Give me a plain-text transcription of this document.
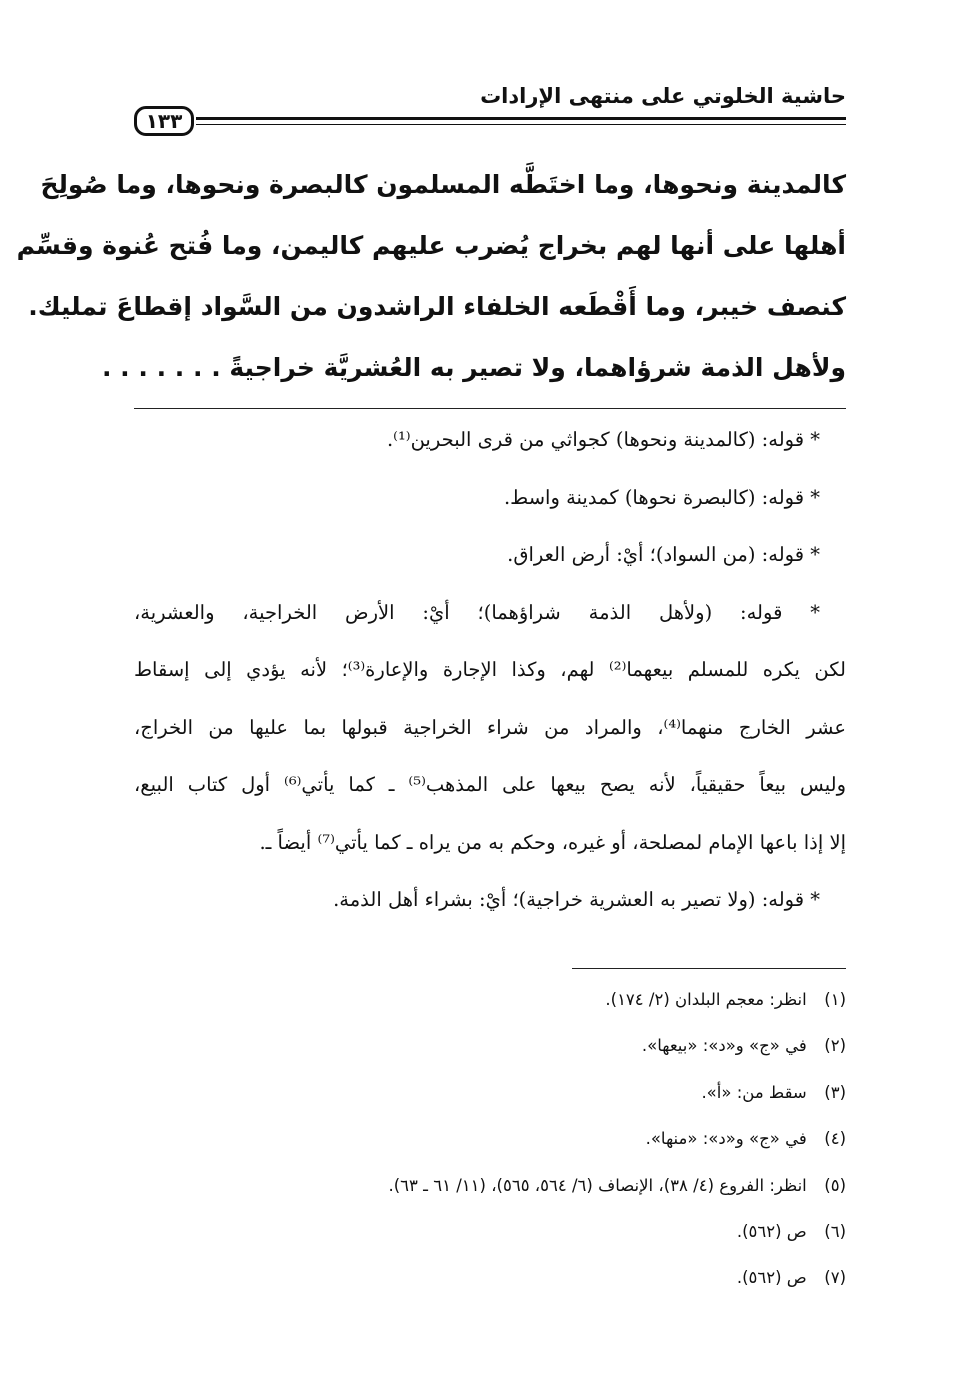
حاشية الخلوتي على منتهى الإرادات
١٣٣
كالمدينة ونحوها، وما اختَطَّه المسلمون كالبصرة ونحوها، وما صُولِحَ
أهلها على أنها لهم بخراج يُضرب عليهم كاليمن، وما فُتح عُنوة وقسِّم
كنصف خيبر، وما أَقْطَعه الخلفاء الراشدون من السَّواد إقطاعَ تمليك.
ولأهل الذمة شرؤاهما، ولا تصير به العُشريَّة خراجيةً . . . . . . .
* قوله: (كالمدينة ونحوها) كجواثي من قرى البحرين⁽¹⁾.
* قوله: (كالبصرة نحوها) كمدينة واسط.
* قوله: (من السواد)؛ أيْ: أرض العراق.
* قوله: (ولأهل الذمة شراؤهما)؛ أيْ: الأرض الخراجية، والعشرية،
لكن يكره للمسلم بيعهما⁽²⁾ لهم، وكذا الإجارة والإعارة⁽³⁾؛ لأنه يؤدي إلى إسقاط
عشر الخارج منهما⁽⁴⁾، والمراد من شراء الخراجية قبولها بما عليها من الخراج،
وليس بيعاً حقيقياً، لأنه يصح بيعها على المذهب⁽⁵⁾ ـ كما يأتي⁽⁶⁾ أول كتاب البيع،
إلا إذا باعها الإمام لمصلحة، أو غيره، وحكم به من يراه ـ كما يأتي⁽⁷⁾ أيضاً ـ.
* قوله: (ولا تصير به العشرية خراجية)؛ أيْ: بشراء أهل الذمة.
(١) انظر: معجم البلدان (٢/ ١٧٤).
(٢) في «ج» و«د»: «بيعها».
(٣) سقط من: «أ».
(٤) في «ج» و«د»: «منها».
(٥) انظر: الفروع (٤/ ٣٨)، الإنصاف (٦/ ٥٦٤، ٥٦٥)، (١١/ ٦١ ـ ٦٣).
(٦) ص (٥٦٢).
(٧) ص (٥٦٢).
